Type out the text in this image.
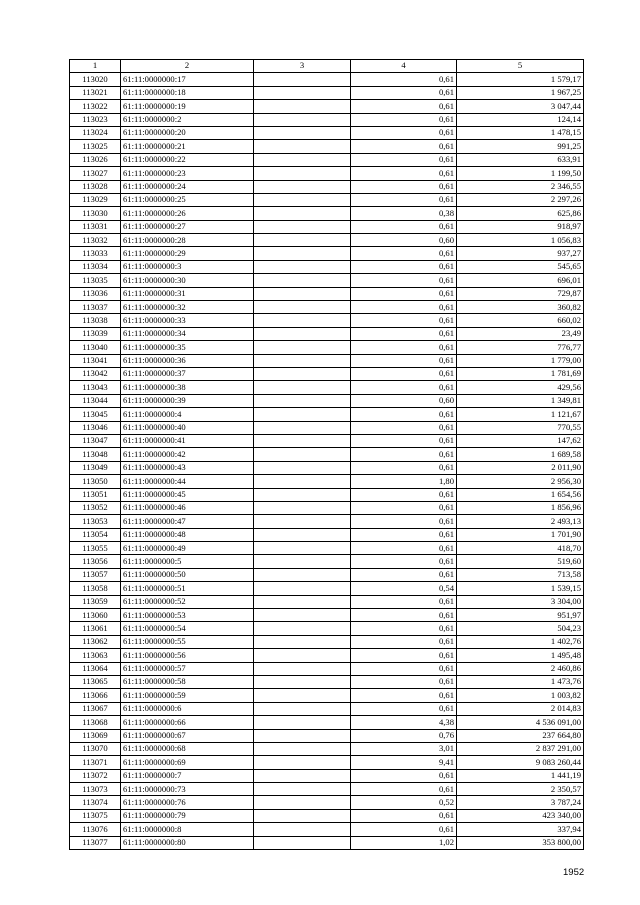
1	2	3	4	5
113020	61:11:0000000:17		0,61	1 579,17
113021	61:11:0000000:18		0,61	1 967,25
113022	61:11:0000000:19		0,61	3 047,44
113023	61:11:0000000:2		0,61	124,14
113024	61:11:0000000:20		0,61	1 478,15
113025	61:11:0000000:21		0,61	991,25
113026	61:11:0000000:22		0,61	633,91
113027	61:11:0000000:23		0,61	1 199,50
113028	61:11:0000000:24		0,61	2 346,55
113029	61:11:0000000:25		0,61	2 297,26
113030	61:11:0000000:26		0,38	625,86
113031	61:11:0000000:27		0,61	918,97
113032	61:11:0000000:28		0,60	1 056,83
113033	61:11:0000000:29		0,61	937,27
113034	61:11:0000000:3		0,61	545,65
113035	61:11:0000000:30		0,61	696,01
113036	61:11:0000000:31		0,61	729,87
113037	61:11:0000000:32		0,61	360,82
113038	61:11:0000000:33		0,61	660,02
113039	61:11:0000000:34		0,61	23,49
113040	61:11:0000000:35		0,61	776,77
113041	61:11:0000000:36		0,61	1 779,00
113042	61:11:0000000:37		0,61	1 781,69
113043	61:11:0000000:38		0,61	429,56
113044	61:11:0000000:39		0,60	1 349,81
113045	61:11:0000000:4		0,61	1 121,67
113046	61:11:0000000:40		0,61	770,55
113047	61:11:0000000:41		0,61	147,62
113048	61:11:0000000:42		0,61	1 689,58
113049	61:11:0000000:43		0,61	2 011,90
113050	61:11:0000000:44		1,80	2 956,30
113051	61:11:0000000:45		0,61	1 654,56
113052	61:11:0000000:46		0,61	1 856,96
113053	61:11:0000000:47		0,61	2 493,13
113054	61:11:0000000:48		0,61	1 701,90
113055	61:11:0000000:49		0,61	418,70
113056	61:11:0000000:5		0,61	519,60
113057	61:11:0000000:50		0,61	713,58
113058	61:11:0000000:51		0,54	1 539,15
113059	61:11:0000000:52		0,61	3 304,00
113060	61:11:0000000:53		0,61	951,97
113061	61:11:0000000:54		0,61	504,23
113062	61:11:0000000:55		0,61	1 402,76
113063	61:11:0000000:56		0,61	1 495,48
113064	61:11:0000000:57		0,61	2 460,86
113065	61:11:0000000:58		0,61	1 473,76
113066	61:11:0000000:59		0,61	1 003,82
113067	61:11:0000000:6		0,61	2 014,83
113068	61:11:0000000:66		4,38	4 536 091,00
113069	61:11:0000000:67		0,76	237 664,80
113070	61:11:0000000:68		3,01	2 837 291,00
113071	61:11:0000000:69		9,41	9 083 260,44
113072	61:11:0000000:7		0,61	1 441,19
113073	61:11:0000000:73		0,61	2 350,57
113074	61:11:0000000:76		0,52	3 787,24
113075	61:11:0000000:79		0,61	423 340,00
113076	61:11:0000000:8		0,61	337,94
113077	61:11:0000000:80		1,02	353 800,00
1952
